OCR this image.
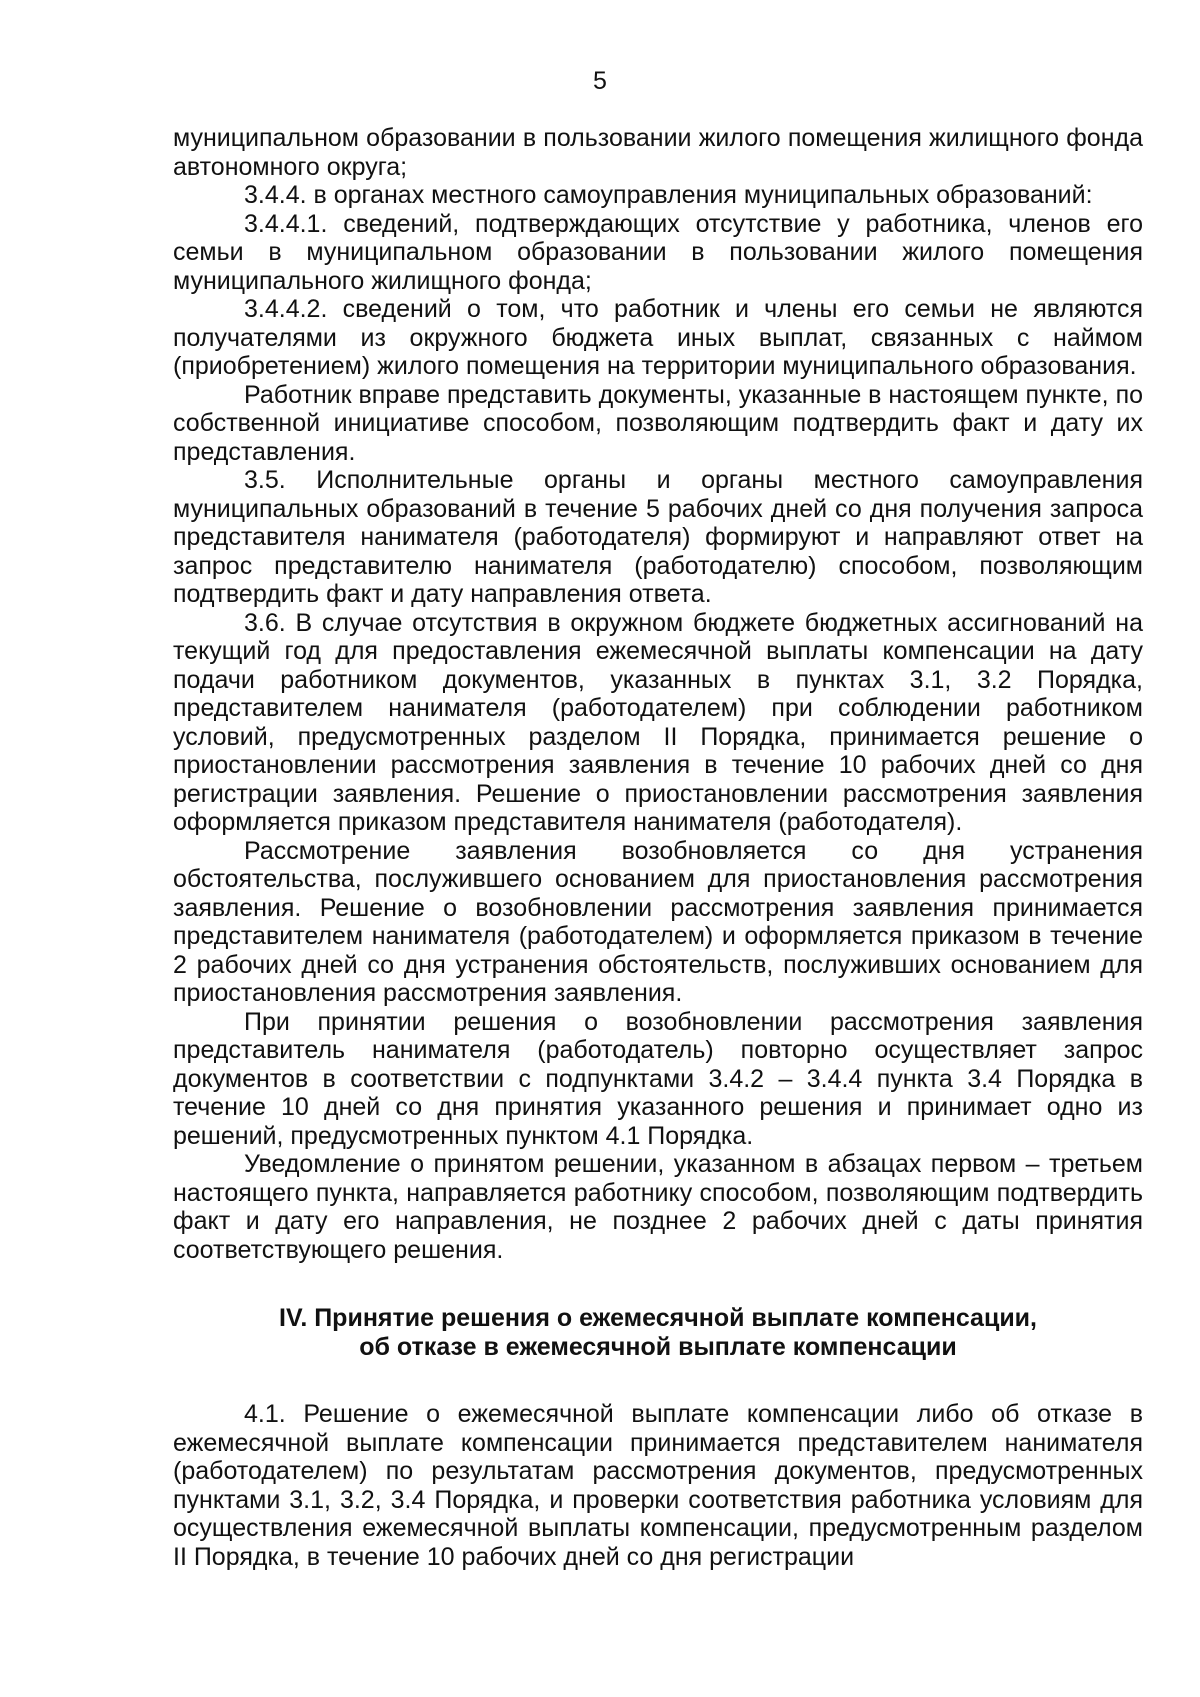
5

муниципальном образовании в пользовании жилого помещения жилищного фонда автономного округа;

3.4.4. в органах местного самоуправления муниципальных образований:

3.4.4.1. сведений, подтверждающих отсутствие у работника, членов его семьи в муниципальном образовании в пользовании жилого помещения муниципального жилищного фонда;

3.4.4.2. сведений о том, что работник и члены его семьи не являются получателями из окружного бюджета иных выплат, связанных с наймом (приобретением) жилого помещения на территории муниципального образования.

Работник вправе представить документы, указанные в настоящем пункте, по собственной инициативе способом, позволяющим подтвердить факт и дату их представления.

3.5. Исполнительные органы и органы местного самоуправления муниципальных образований в течение 5 рабочих дней со дня получения запроса представителя нанимателя (работодателя) формируют и направляют ответ на запрос представителю нанимателя (работодателю) способом, позволяющим подтвердить факт и дату направления ответа.

3.6. В случае отсутствия в окружном бюджете бюджетных ассигнований на текущий год для предоставления ежемесячной выплаты компенсации на дату подачи работником документов, указанных в пунктах 3.1, 3.2 Порядка, представителем нанимателя (работодателем) при соблюдении работником условий, предусмотренных разделом II Порядка, принимается решение о приостановлении рассмотрения заявления в течение 10 рабочих дней со дня регистрации заявления. Решение о приостановлении рассмотрения заявления оформляется приказом представителя нанимателя (работодателя).

Рассмотрение заявления возобновляется со дня устранения обстоятельства, послужившего основанием для приостановления рассмотрения заявления. Решение о возобновлении рассмотрения заявления принимается представителем нанимателя (работодателем) и оформляется приказом в течение 2 рабочих дней со дня устранения обстоятельств, послуживших основанием для приостановления рассмотрения заявления.

При принятии решения о возобновлении рассмотрения заявления представитель нанимателя (работодатель) повторно осуществляет запрос документов в соответствии с подпунктами 3.4.2 – 3.4.4 пункта 3.4 Порядка в течение 10 дней со дня принятия указанного решения и принимает одно из решений, предусмотренных пунктом 4.1 Порядка.

Уведомление о принятом решении, указанном в абзацах первом – третьем настоящего пункта, направляется работнику способом, позволяющим подтвердить факт и дату его направления, не позднее 2 рабочих дней с даты принятия соответствующего решения.

IV. Принятие решения о ежемесячной выплате компенсации,
об отказе в ежемесячной выплате компенсации

4.1. Решение о ежемесячной выплате компенсации либо об отказе в ежемесячной выплате компенсации принимается представителем нанимателя (работодателем) по результатам рассмотрения документов, предусмотренных пунктами 3.1, 3.2, 3.4 Порядка, и проверки соответствия работника условиям для осуществления ежемесячной выплаты компенсации, предусмотренным разделом II Порядка, в течение 10 рабочих дней со дня регистрации
